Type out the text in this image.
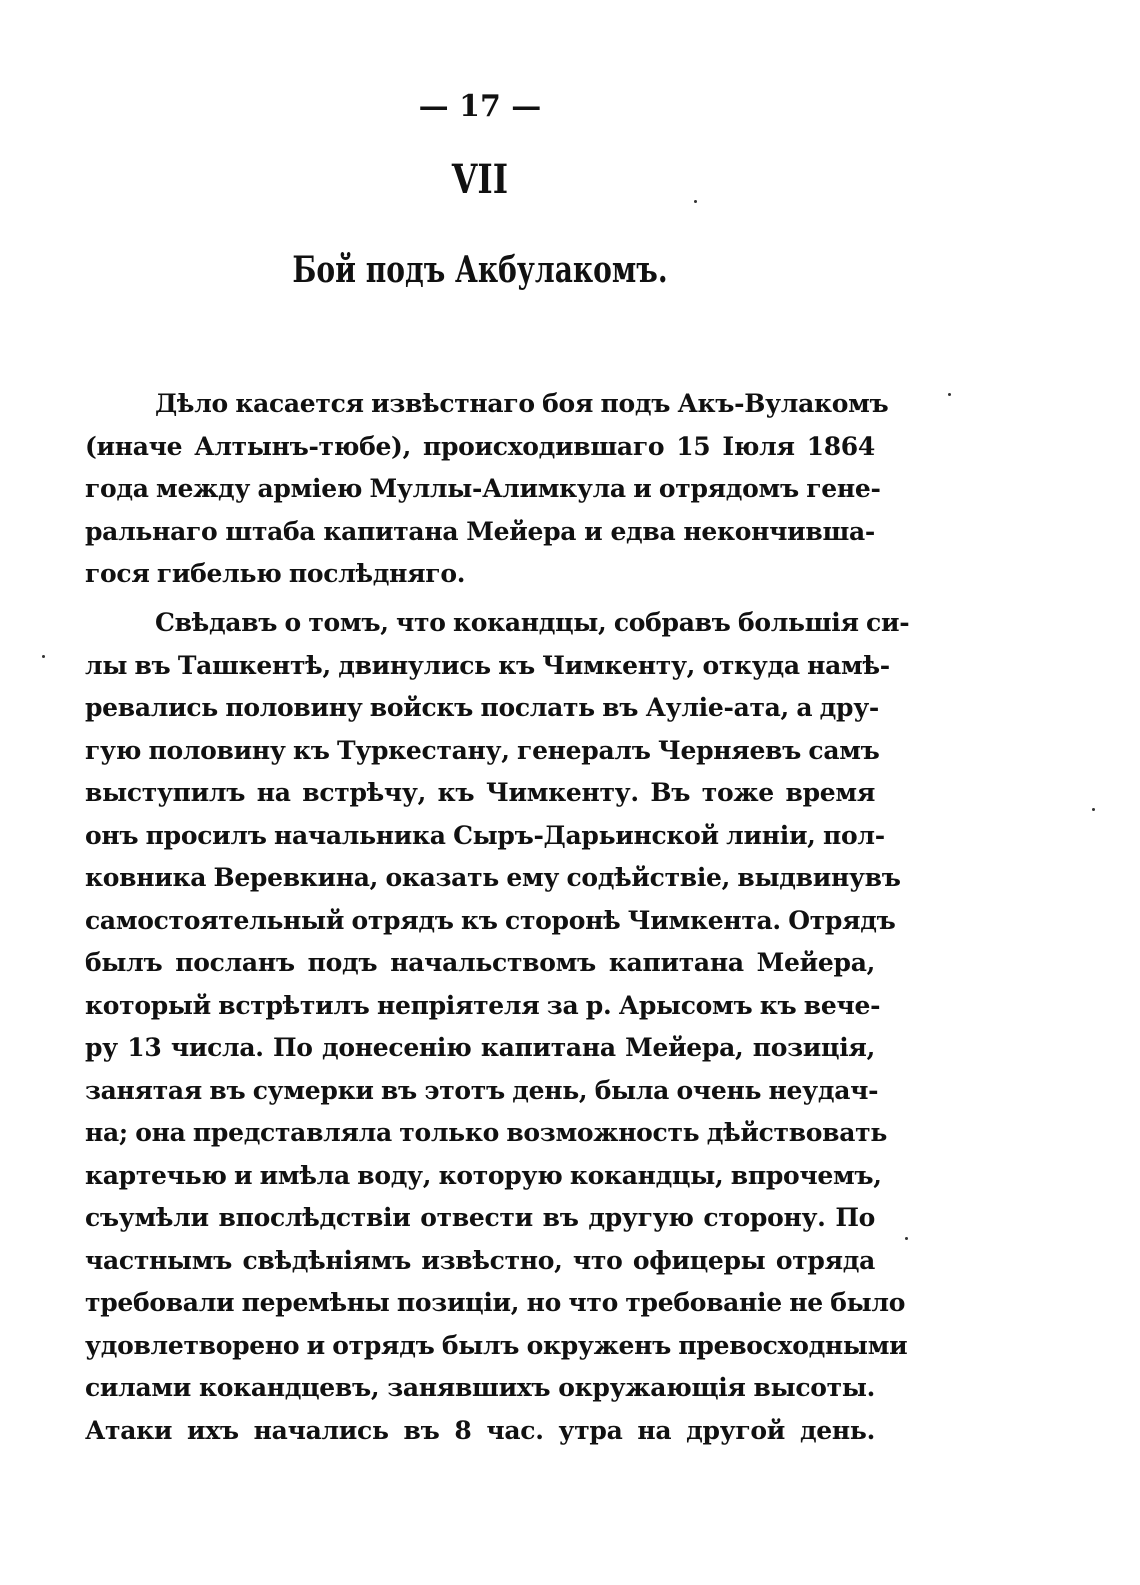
— 17 —
VII
Бой подъ Акбулакомъ.
Дѣло касается извѣстнаго боя подъ Акъ-Вулакомъ
(иначе Алтынъ-тюбе), происходившаго 15 Іюля 1864
года между арміею Муллы-Алимкула и отрядомъ гене-
ральнаго штаба капитана Мейера и едва некончивша-
гося гибелью послѣдняго.
Свѣдавъ о томъ, что кокандцы, собравъ большія си-
лы въ Ташкентѣ, двинулись къ Чимкенту, откуда намѣ-
ревались половину войскъ послать въ Ауліе-ата, а дру-
гую половину къ Туркестану, генералъ Черняевъ самъ
выступилъ на встрѣчу, къ Чимкенту. Въ тоже время
онъ просилъ начальника Сыръ-Дарьинской линіи, пол-
ковника Веревкина, оказать ему содѣйствіе, выдвинувъ
самостоятельный отрядъ къ сторонѣ Чимкента. Отрядъ
былъ посланъ подъ начальствомъ капитана Мейера,
который встрѣтилъ непріятеля за р. Арысомъ къ вече-
ру 13 числа. По донесенію капитана Мейера, позиція,
занятая въ сумерки въ этотъ день, была очень неудач-
на; она представляла только возможность дѣйствовать
картечью и имѣла воду, которую кокандцы, впрочемъ,
съумѣли впослѣдствіи отвести въ другую сторону. По
частнымъ свѣдѣніямъ извѣстно, что офицеры отряда
требовали перемѣны позиціи, но что требованіе не было
удовлетворено и отрядъ былъ окруженъ превосходными
силами кокандцевъ, занявшихъ окружающія высоты.
Атаки ихъ начались въ 8 час. утра на другой день.
